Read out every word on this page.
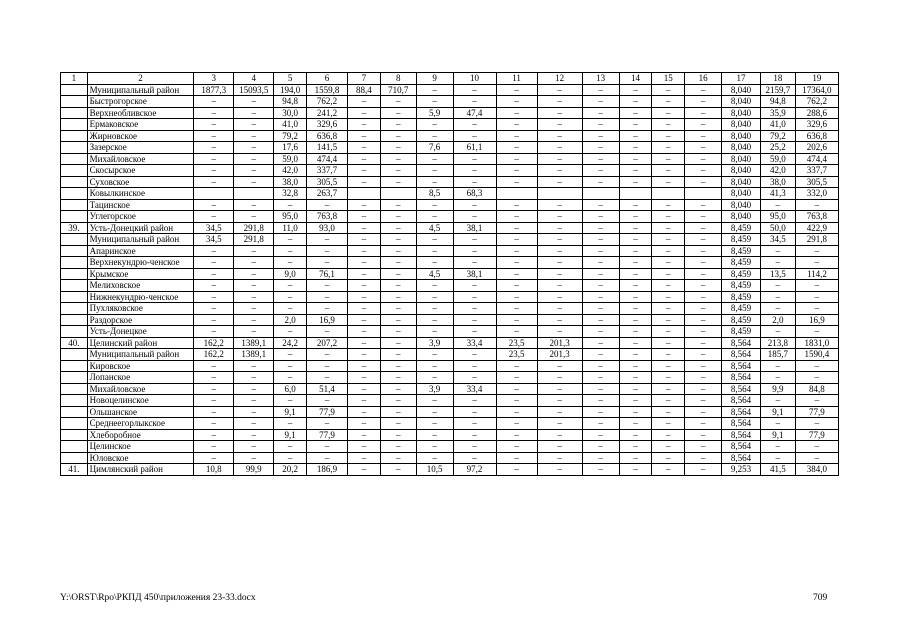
1	2	3	4	5	6	7	8	9	10	11	12	13	14	15	16	17	18	19
	Муниципальный район	1877,3	15093,5	194,0	1559,8	88,4	710,7	–	–	–	–	–	–	–	–	8,040	2159,7	17364,0
	Быстрогорское	–	–	94,8	762,2	–	–	–	–	–	–	–	–	–	–	8,040	94,8	762,2
	Верхнеобливское	–	–	30,0	241,2	–	–	5,9	47,4	–	–	–	–	–	–	8,040	35,9	288,6
	Ермаковское	–	–	41,0	329,6	–	–	–	–	–	–	–	–	–	–	8,040	41,0	329,6
	Жирновское	–	–	79,2	636,8	–	–	–	–	–	–	–	–	–	–	8,040	79,2	636,8
	Зазерское	–	–	17,6	141,5	–	–	7,6	61,1	–	–	–	–	–	–	8,040	25,2	202,6
	Михайловское	–	–	59,0	474,4	–	–	–	–	–	–	–	–	–	–	8,040	59,0	474,4
	Скосырское	–	–	42,0	337,7	–	–	–	–	–	–	–	–	–	–	8,040	42,0	337,7
	Суховское	–	–	38,0	305,5	–	–	–	–	–	–	–	–	–	–	8,040	38,0	305,5
	Ковылкинское			32,8	263,7			8,5	68,3							8,040	41,3	332,0
	Тацинское	–	–	–	–	–	–	–	–	–	–	–	–	–	–	8,040	–	–
	Углегорское	–	–	95,0	763,8	–	–	–	–	–	–	–	–	–	–	8,040	95,0	763,8
39.	Усть-Донецкий район	34,5	291,8	11,0	93,0	–	–	4,5	38,1	–	–	–	–	–	–	8,459	50,0	422,9
	Муниципальный район	34,5	291,8	–	–	–	–	–	–	–	–	–	–	–	–	8,459	34,5	291,8
	Апаринское	–	–	–	–	–	–	–	–	–	–	–	–	–	–	8,459	–	–
	Верхнекундрю-ченское	–	–	–	–	–	–	–	–	–	–	–	–	–	–	8,459	–	–
	Крымское	–	–	9,0	76,1	–	–	4,5	38,1	–	–	–	–	–	–	8,459	13,5	114,2
	Мелиховское	–	–	–	–	–	–	–	–	–	–	–	–	–	–	8,459	–	–
	Нижнекундрю-ченское	–	–	–	–	–	–	–	–	–	–	–	–	–	–	8,459	–	–
	Пухляковское	–	–	–	–	–	–	–	–	–	–	–	–	–	–	8,459	–	–
	Раздорское	–	–	2,0	16,9	–	–	–	–	–	–	–	–	–	–	8,459	2,0	16,9
	Усть-Донецкое	–	–	–	–	–	–	–	–	–	–	–	–	–	–	8,459	–	–
40.	Целинский район	162,2	1389,1	24,2	207,2	–	–	3,9	33,4	23,5	201,3	–	–	–	–	8,564	213,8	1831,0
	Муниципальный район	162,2	1389,1	–	–	–	–	–	–	23,5	201,3	–	–	–	–	8,564	185,7	1590,4
	Кировское	–	–	–	–	–	–	–	–	–	–	–	–	–	–	8,564	–	–
	Лопанское	–	–	–	–	–	–	–	–	–	–	–	–	–	–	8,564	–	–
	Михайловское	–	–	6,0	51,4	–	–	3,9	33,4	–	–	–	–	–	–	8,564	9,9	84,8
	Новоцелинское	–	–	–	–	–	–	–	–	–	–	–	–	–	–	8,564	–	–
	Ольшанское	–	–	9,1	77,9	–	–	–	–	–	–	–	–	–	–	8,564	9,1	77,9
	Среднеегорлыкское	–	–	–	–	–	–	–	–	–	–	–	–	–	–	8,564	–	–
	Хлеборобное	–	–	9,1	77,9	–	–	–	–	–	–	–	–	–	–	8,564	9,1	77,9
	Целинское	–	–	–	–	–	–	–	–	–	–	–	–	–	–	8,564	–	–
	Юловское	–	–	–	–	–	–	–	–	–	–	–	–	–	–	8,564	–	–
41.	Цимлянский район	10,8	99,9	20,2	186,9	–	–	10,5	97,2	–	–	–	–	–	–	9,253	41,5	384,0
Y:\ORST\Rpo\РКПД 450\приложения 23-33.docx	709
